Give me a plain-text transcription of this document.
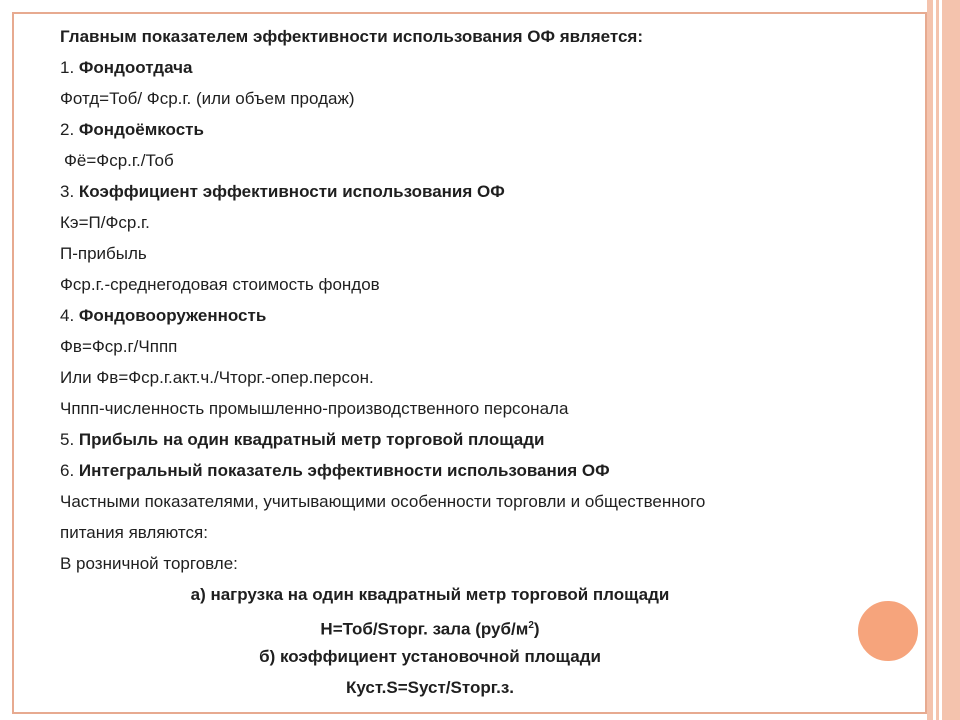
Главным показателем эффективности использования ОФ является:
1. Фондоотдача
Фотд=Тоб/ Фср.г. (или объем продаж)
2. Фондоёмкость
Фё=Фср.г./Тоб
3. Коэффициент эффективности использования ОФ
Кэ=П/Фср.г.
П-прибыль
Фср.г.-среднегодовая стоимость фондов
4. Фондовооруженность
Фв=Фср.г/Чппп
Или Фв=Фср.г.акт.ч./Чторг.-опер.персон.
Чппп-численность промышленно-производственного персонала
5. Прибыль на один квадратный метр торговой площади
6. Интегральный показатель эффективности использования ОФ
Частными показателями, учитывающими особенности торговли и общественного
питания являются:
В розничной торговле:
а) нагрузка на один квадратный метр торговой площади
Н=Тоб/Sторг. зала $(руб/м^2)$
б) коэффициент установочной площади
Куст.S=Sуст/Sторг.з.
